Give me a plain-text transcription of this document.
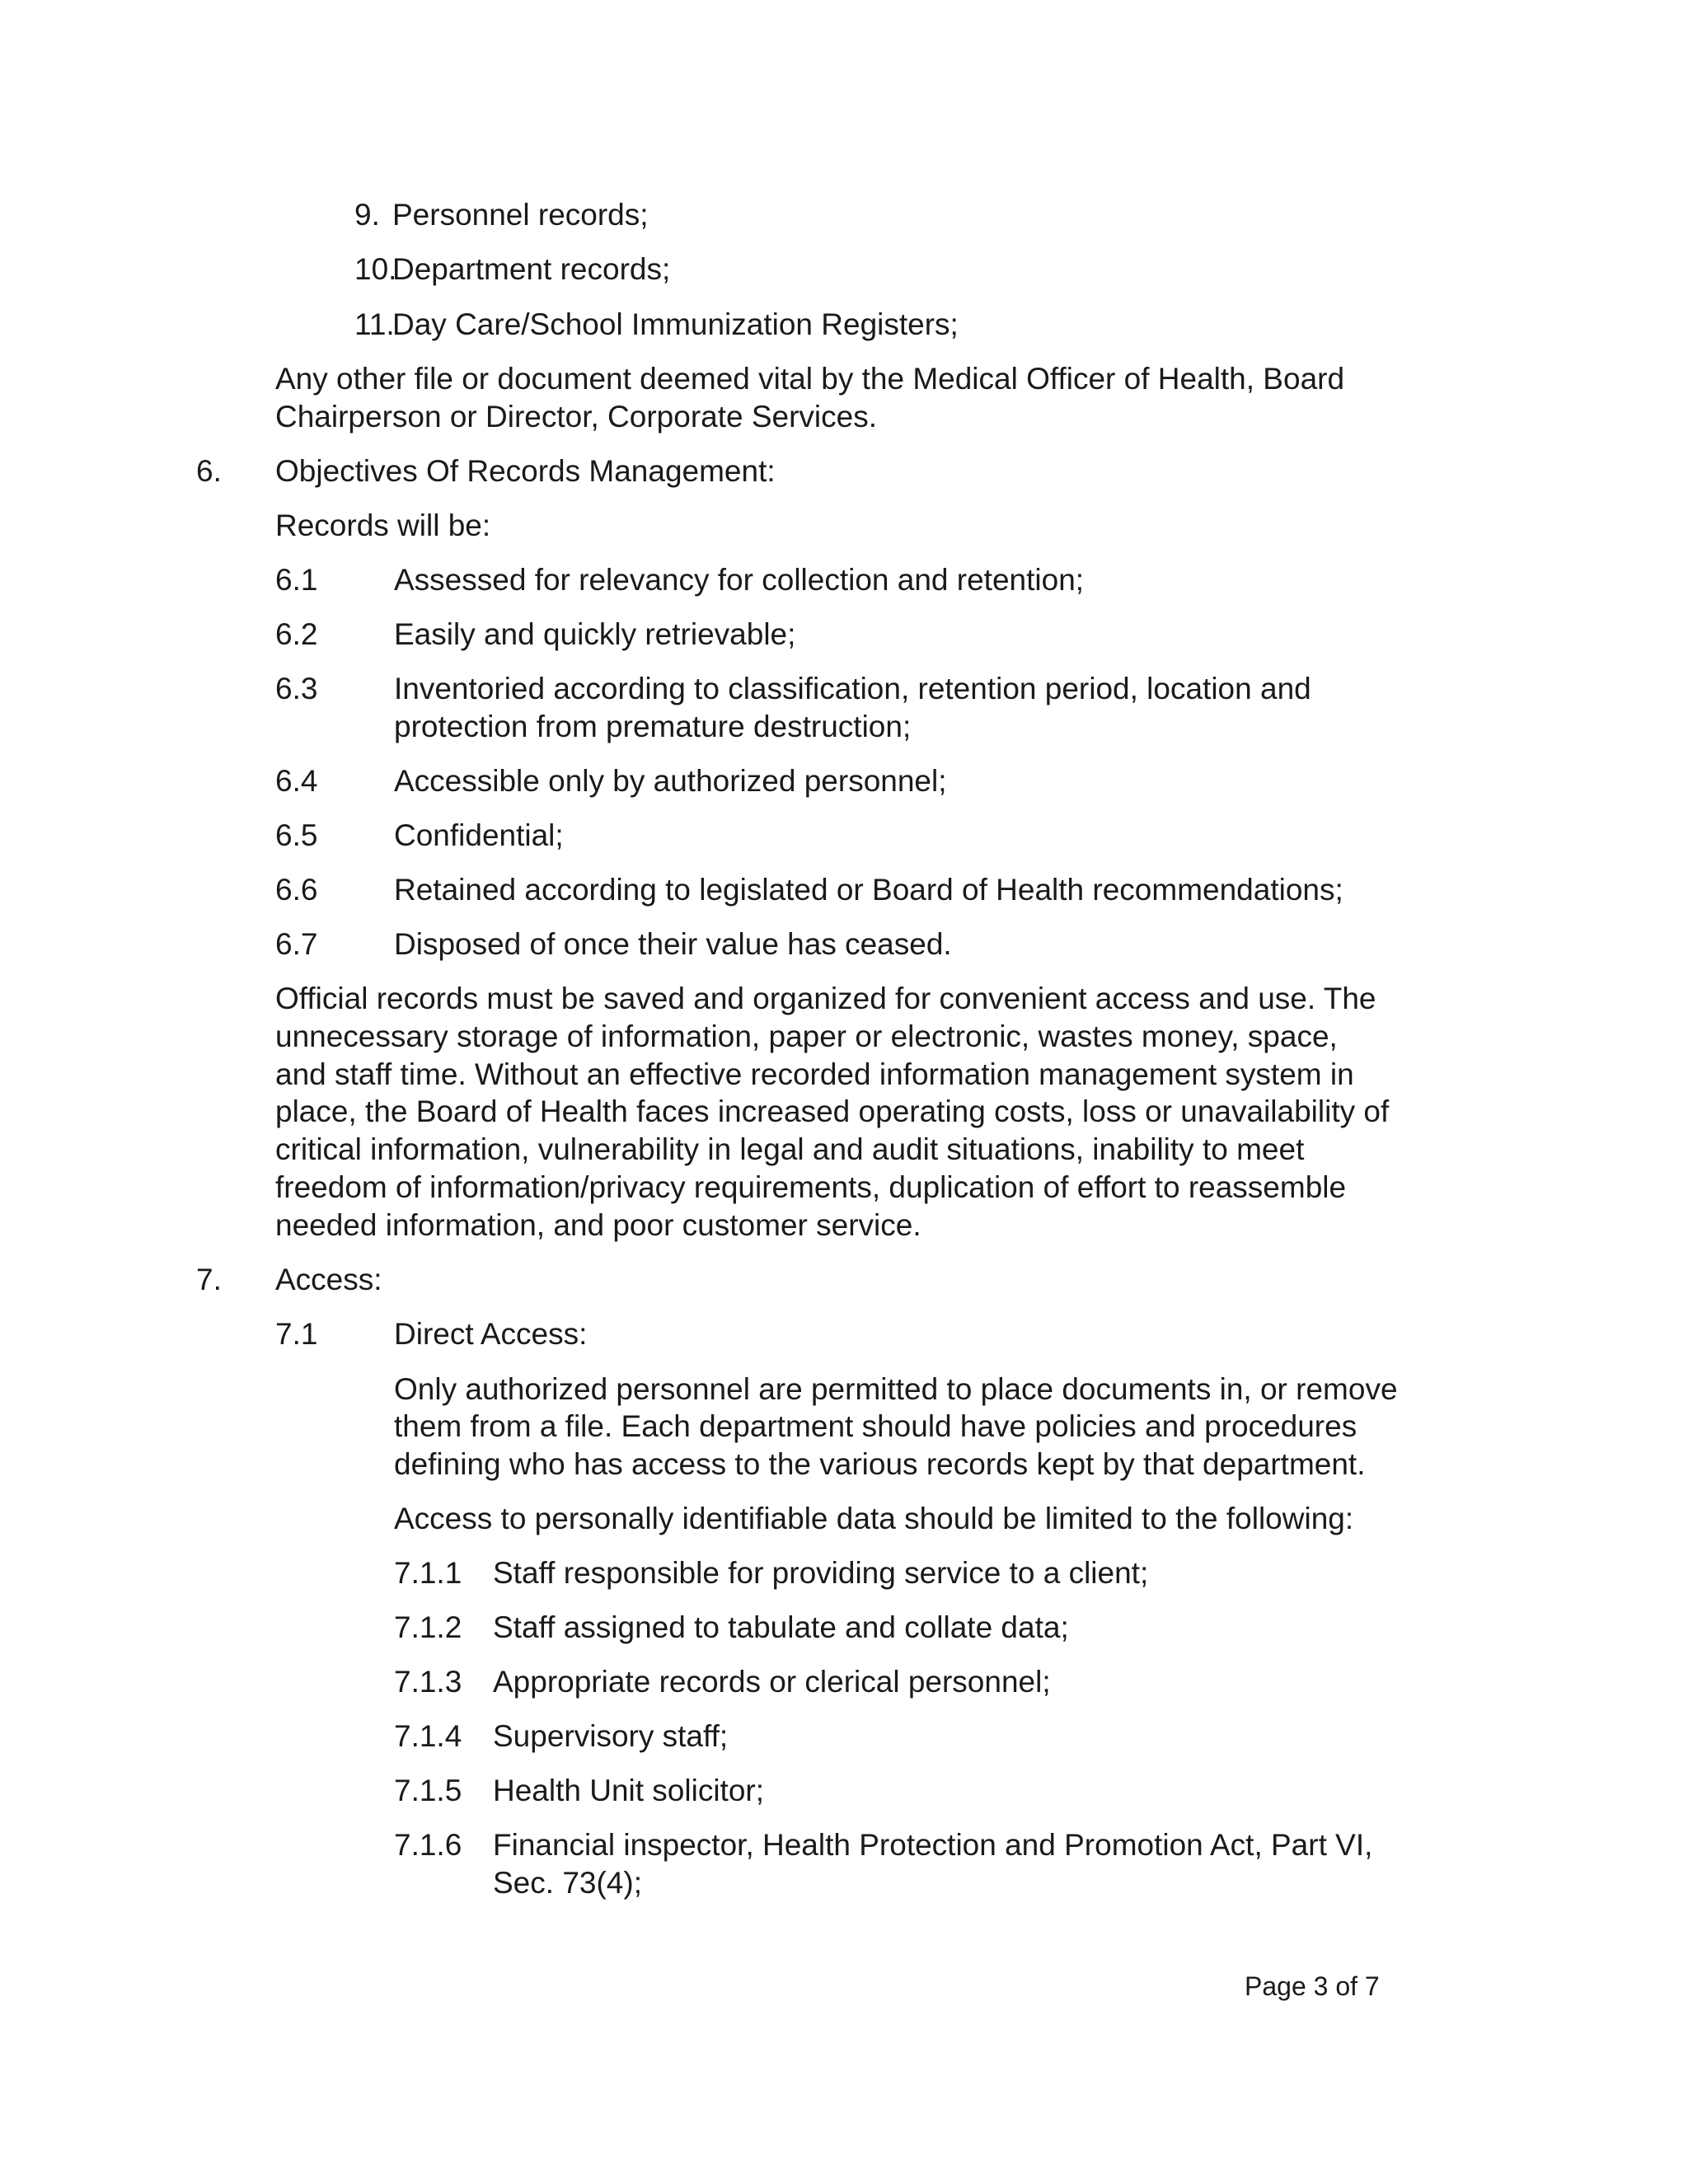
9. Personnel records;
10.
Department records;
11.
Day Care/School Immunization Registers;
Any other file or document deemed vital by the Medical Officer of Health, Board
Chairperson or Director, Corporate Services.
6. Objectives Of Records Management:
Records will be:
6.1	Assessed for relevancy for collection and retention;
6.2	Easily and quickly retrievable;
6.3	Inventoried according to classification, retention period, location and
protection from premature destruction;
6.4	Accessible only by authorized personnel;
6.5	Confidential;
6.6	Retained according to legislated or Board of Health recommendations;
6.7	Disposed of once their value has ceased.
Official records must be saved and organized for convenient access and use. The
unnecessary storage of information, paper or electronic, wastes money, space,
and staff time. Without an effective recorded information management system in
place, the Board of Health faces increased operating costs, loss or unavailability of
critical information, vulnerability in legal and audit situations, inability to meet
freedom of information/privacy requirements, duplication of effort to reassemble
needed information, and poor customer service.
7. Access:
7.1	Direct Access:
Only authorized personnel are permitted to place documents in, or remove
them from a file. Each department should have policies and procedures
defining who has access to the various records kept by that department.
Access to personally identifiable data should be limited to the following:
7.1.1 Staff responsible for providing service to a client;
7.1.2 Staff assigned to tabulate and collate data;
7.1.3 Appropriate records or clerical personnel;
7.1.4 Supervisory staff;
7.1.5 Health Unit solicitor;
7.1.6 Financial inspector, Health Protection and Promotion Act, Part VI,
Sec. 73(4);
Page 3 of 7
